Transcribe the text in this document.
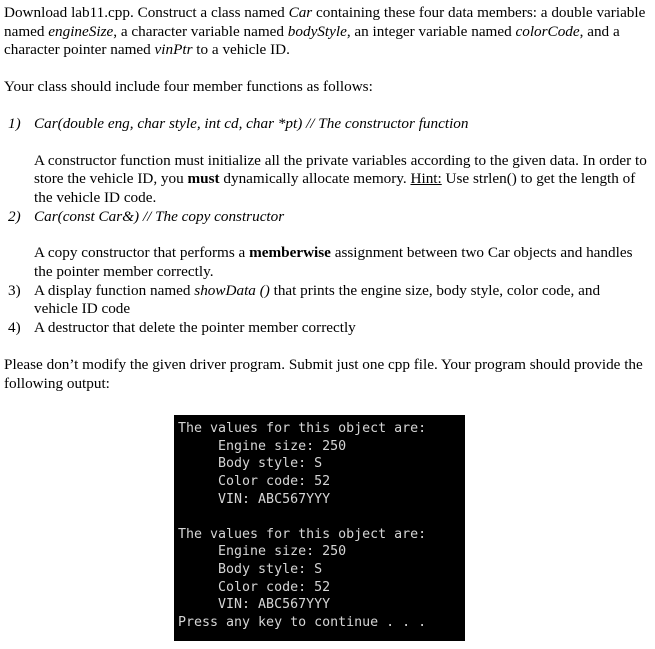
Download lab11.cpp. Construct a class named Car containing these four data members: a double variable named engineSize, a character variable named bodyStyle, an integer variable named colorCode, and a character pointer named vinPtr to a vehicle ID.

Your class should include four member functions as follows:

1) Car(double eng, char style, int cd, char *pt) // The constructor function

A constructor function must initialize all the private variables according to the given data. In order to store the vehicle ID, you must dynamically allocate memory. Hint: Use strlen() to get the length of the vehicle ID code.

2) Car(const Car&) // The copy constructor

A copy constructor that performs a memberwise assignment between two Car objects and handles the pointer member correctly.

3) A display function named showData () that prints the engine size, body style, color code, and vehicle ID code

4) A destructor that delete the pointer member correctly

Please don’t modify the given driver program. Submit just one cpp file. Your program should provide the following output:

The values for this object are:
Engine size: 250
Body style: S
Color code: 52
VIN: ABC567YYY
The values for this object are:
Engine size: 250
Body style: S
Color code: 52
VIN: ABC567YYY
Press any key to continue . . .
